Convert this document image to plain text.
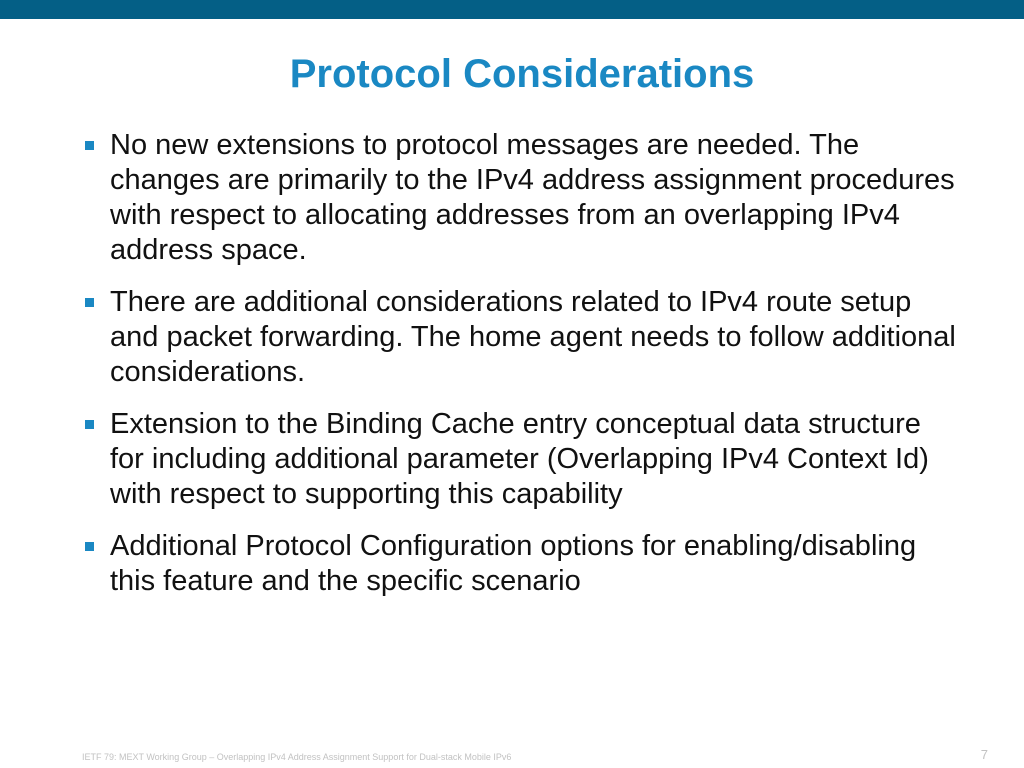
Protocol Considerations
No new extensions to protocol messages are needed. The changes are primarily to the IPv4 address assignment procedures with respect to allocating addresses from an overlapping IPv4 address space.
There are additional considerations related to IPv4 route setup and packet forwarding. The home agent needs to follow additional considerations.
Extension to the Binding Cache entry conceptual data structure for including additional parameter (Overlapping IPv4 Context Id) with respect to supporting this capability
Additional Protocol Configuration options for enabling/disabling this feature and the specific scenario
IETF 79: MEXT Working Group – Overlapping IPv4 Address Assignment Support for Dual-stack Mobile IPv6	7
